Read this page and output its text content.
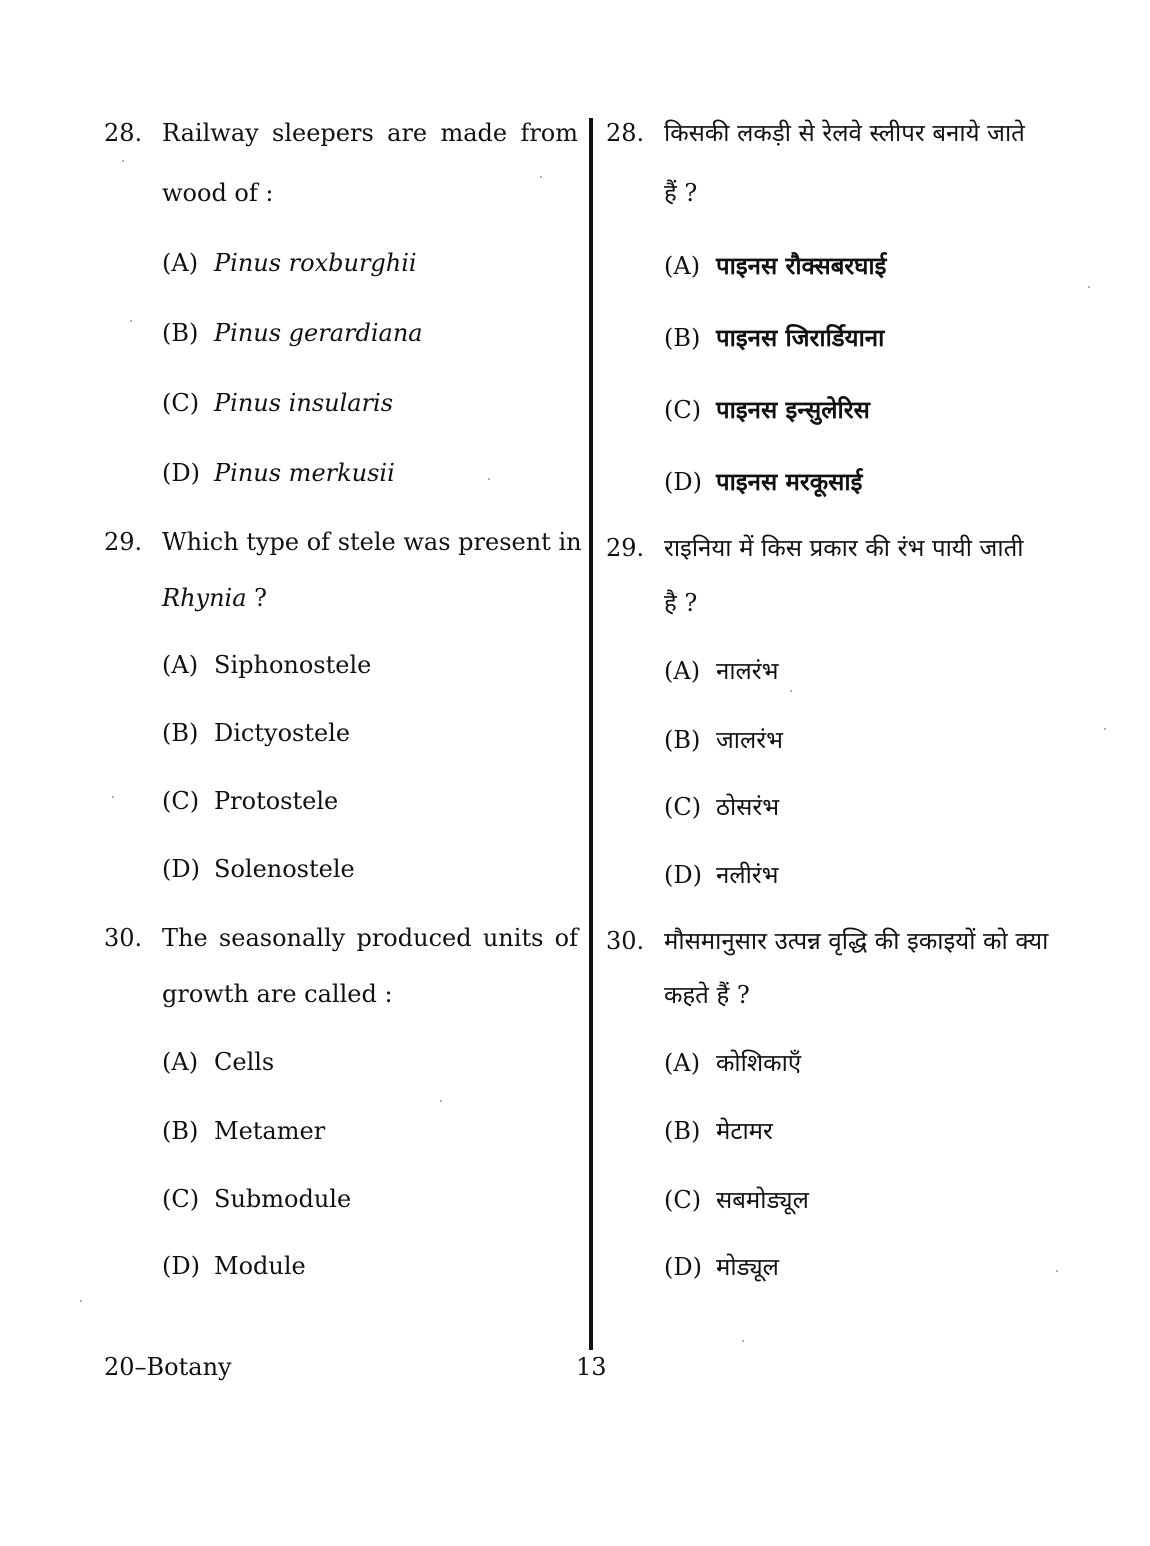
28. Railway sleepers are made from
wood of :
(A) Pinus roxburghii
(B) Pinus gerardiana
(C) Pinus insularis
(D) Pinus merkusii
29. Which type of stele was present in
Rhynia ?
(A) Siphonostele
(B) Dictyostele
(C) Protostele
(D) Solenostele
30. The seasonally produced units of
growth are called :
(A) Cells
(B) Metamer
(C) Submodule
(D) Module
20–Botany
28. किसकी लकड़ी से रेलवे स्लीपर बनाये जाते
हैं ?
(A) पाइनस रौक्सबरघाई
(B) पाइनस जिरार्डियाना
(C) पाइनस इन्सुलेरिस
(D) पाइनस मरकूसाई
29. राइनिया में किस प्रकार की रंभ पायी जाती
है ?
(A) नालरंभ
(B) जालरंभ
(C) ठोसरंभ
(D) नलीरंभ
30. मौसमानुसार उत्पन्न वृद्धि की इकाइयों को क्या
कहते हैं ?
(A) कोशिकाएँ
(B) मेटामर
(C) सबमोड्यूल
(D) मोड्यूल
13
